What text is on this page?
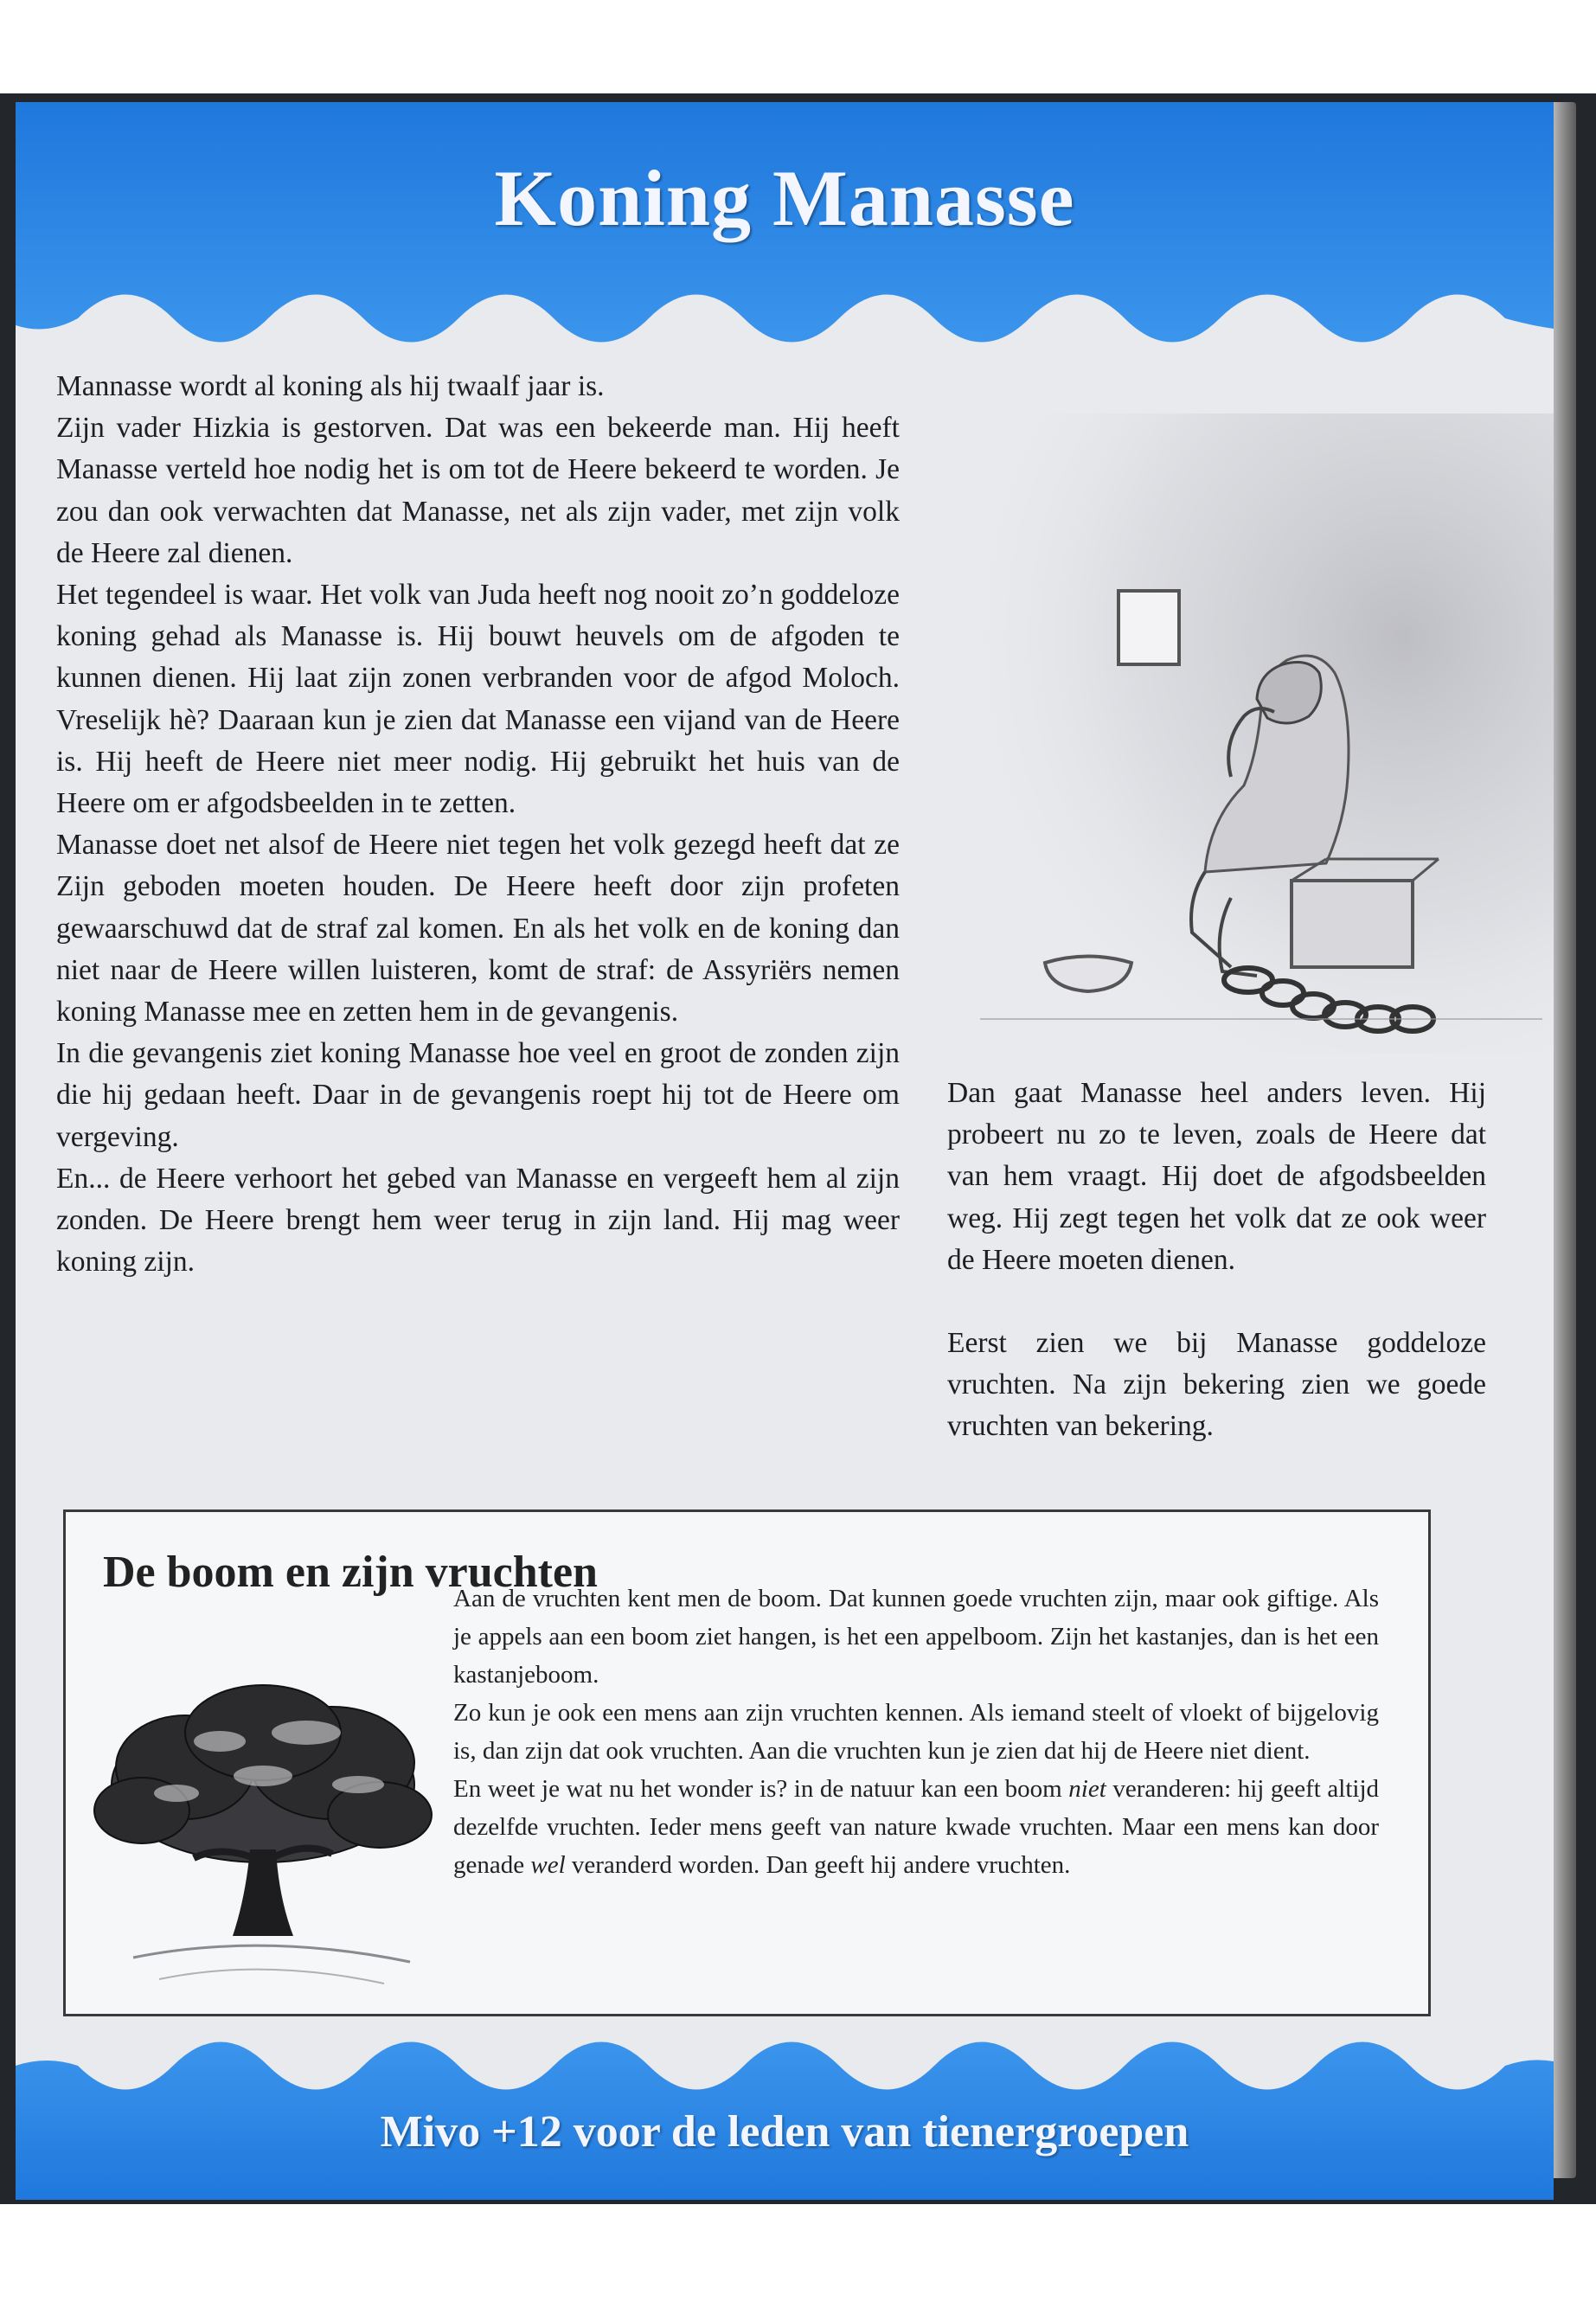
Koning Manasse

Mannasse wordt al koning als hij twaalf jaar is.

Zijn vader Hizkia is gestorven. Dat was een bekeerde man. Hij heeft Manasse verteld hoe nodig het is om tot de Heere bekeerd te worden. Je zou dan ook verwachten dat Manasse, net als zijn vader, met zijn volk de Heere zal dienen.

Het tegendeel is waar. Het volk van Juda heeft nog nooit zo’n goddeloze koning gehad als Manasse is. Hij bouwt heuvels om de afgoden te kunnen dienen. Hij laat zijn zonen verbranden voor de afgod Moloch. Vreselijk hè? Daaraan kun je zien dat Manasse een vijand van de Heere is. Hij heeft de Heere niet meer nodig. Hij gebruikt het huis van de Heere om er afgodsbeelden in te zetten.

Manasse doet net alsof de Heere niet tegen het volk gezegd heeft dat ze Zijn geboden moeten houden. De Heere heeft door zijn profeten gewaarschuwd dat de straf zal komen. En als het volk en de koning dan niet naar de Heere willen luisteren, komt de straf: de Assyriërs nemen koning Manasse mee en zetten hem in de gevangenis.

In die gevangenis ziet koning Manasse hoe veel en groot de zonden zijn die hij gedaan heeft. Daar in de gevangenis roept hij tot de Heere om vergeving.

En... de Heere verhoort het gebed van Manasse en vergeeft hem al zijn zonden. De Heere brengt hem weer terug in zijn land. Hij mag weer koning zijn.

Dan gaat Manasse heel anders leven. Hij probeert nu zo te leven, zoals de Heere dat van hem vraagt. Hij doet de afgodsbeelden weg. Hij zegt tegen het volk dat ze ook weer de Heere moeten dienen.

Eerst zien we bij Manasse goddeloze vruchten. Na zijn bekering zien we goede vruchten van bekering.

De boom en zijn vruchten

Aan de vruchten kent men de boom. Dat kunnen goede vruchten zijn, maar ook giftige. Als je appels aan een boom ziet hangen, is het een appelboom. Zijn het kastanjes, dan is het een kastanjeboom.

Zo kun je ook een mens aan zijn vruchten kennen. Als iemand steelt of vloekt of bijgelovig is, dan zijn dat ook vruchten. Aan die vruchten kun je zien dat hij de Heere niet dient.

En weet je wat nu het wonder is? in de natuur kan een boom niet veranderen: hij geeft altijd dezelfde vruchten. Ieder mens geeft van nature kwade vruchten. Maar een mens kan door genade wel veranderd worden. Dan geeft hij andere vruchten.

Mivo +12 voor de leden van tienergroepen
